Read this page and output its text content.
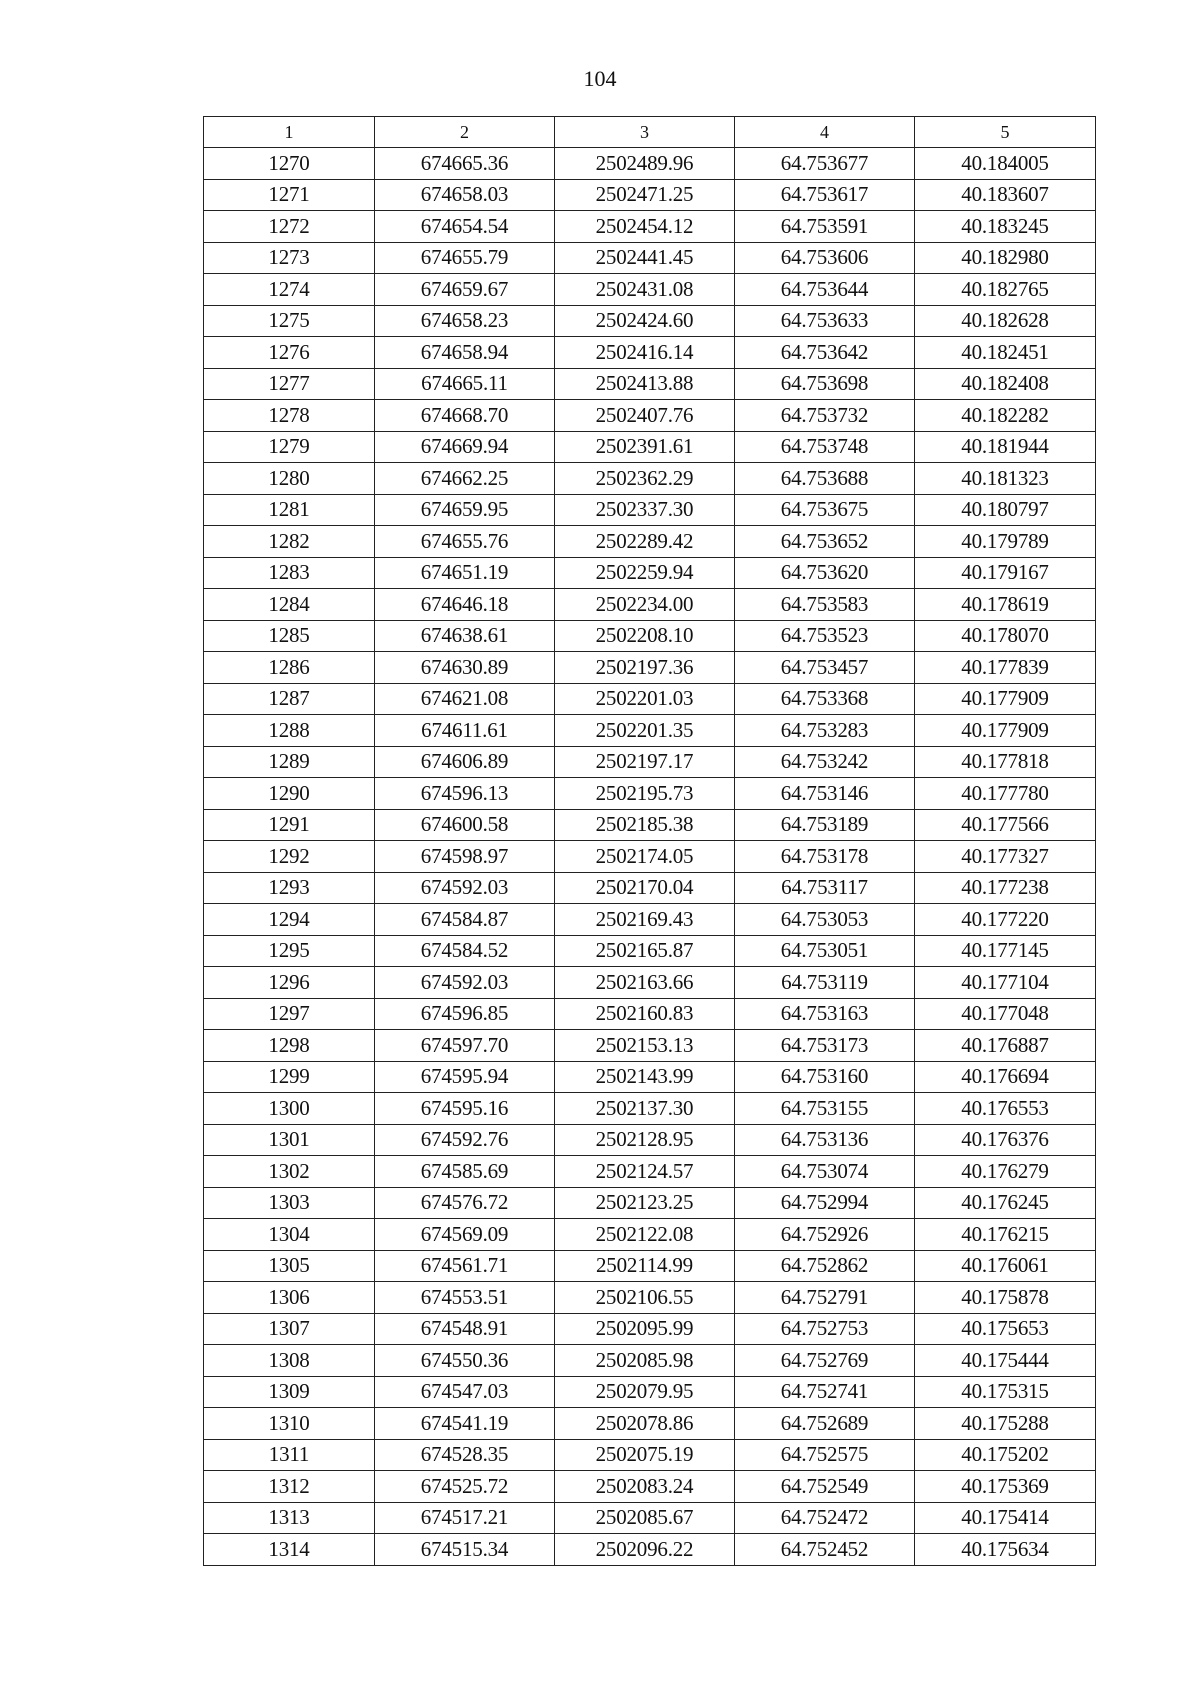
104
1	2	3	4	5
1270	674665.36	2502489.96	64.753677	40.184005
1271	674658.03	2502471.25	64.753617	40.183607
1272	674654.54	2502454.12	64.753591	40.183245
1273	674655.79	2502441.45	64.753606	40.182980
1274	674659.67	2502431.08	64.753644	40.182765
1275	674658.23	2502424.60	64.753633	40.182628
1276	674658.94	2502416.14	64.753642	40.182451
1277	674665.11	2502413.88	64.753698	40.182408
1278	674668.70	2502407.76	64.753732	40.182282
1279	674669.94	2502391.61	64.753748	40.181944
1280	674662.25	2502362.29	64.753688	40.181323
1281	674659.95	2502337.30	64.753675	40.180797
1282	674655.76	2502289.42	64.753652	40.179789
1283	674651.19	2502259.94	64.753620	40.179167
1284	674646.18	2502234.00	64.753583	40.178619
1285	674638.61	2502208.10	64.753523	40.178070
1286	674630.89	2502197.36	64.753457	40.177839
1287	674621.08	2502201.03	64.753368	40.177909
1288	674611.61	2502201.35	64.753283	40.177909
1289	674606.89	2502197.17	64.753242	40.177818
1290	674596.13	2502195.73	64.753146	40.177780
1291	674600.58	2502185.38	64.753189	40.177566
1292	674598.97	2502174.05	64.753178	40.177327
1293	674592.03	2502170.04	64.753117	40.177238
1294	674584.87	2502169.43	64.753053	40.177220
1295	674584.52	2502165.87	64.753051	40.177145
1296	674592.03	2502163.66	64.753119	40.177104
1297	674596.85	2502160.83	64.753163	40.177048
1298	674597.70	2502153.13	64.753173	40.176887
1299	674595.94	2502143.99	64.753160	40.176694
1300	674595.16	2502137.30	64.753155	40.176553
1301	674592.76	2502128.95	64.753136	40.176376
1302	674585.69	2502124.57	64.753074	40.176279
1303	674576.72	2502123.25	64.752994	40.176245
1304	674569.09	2502122.08	64.752926	40.176215
1305	674561.71	2502114.99	64.752862	40.176061
1306	674553.51	2502106.55	64.752791	40.175878
1307	674548.91	2502095.99	64.752753	40.175653
1308	674550.36	2502085.98	64.752769	40.175444
1309	674547.03	2502079.95	64.752741	40.175315
1310	674541.19	2502078.86	64.752689	40.175288
1311	674528.35	2502075.19	64.752575	40.175202
1312	674525.72	2502083.24	64.752549	40.175369
1313	674517.21	2502085.67	64.752472	40.175414
1314	674515.34	2502096.22	64.752452	40.175634
